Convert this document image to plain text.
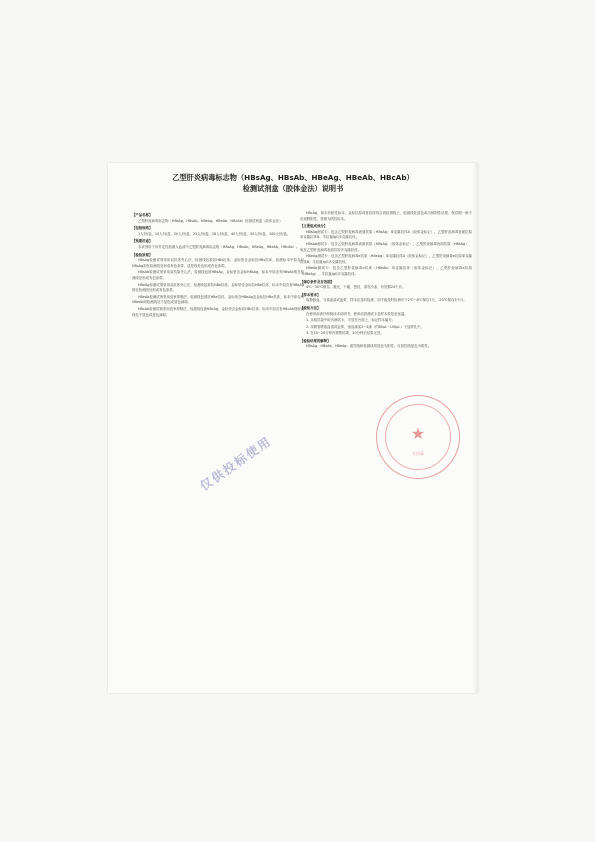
乙型肝炎病毒标志物（HBsAg、HBsAb、HBeAg、HBeAb、HBcAb）
检测试剂盒（胶体金法）说明书
【产品名称】
乙型肝炎病毒标志物（HBsAg、HBsAb、HBeAg、HBeAb、HBcAb）检测试剂盒（胶体金法）
【包装规格】
1人份/袋、10人份/盒、20人份/盒、25人份/盒、28人份/盒、40人份/盒、50人份/盒、100人份/盒。
【预期用途】
本试剂用于体外定性检测人血清中乙型肝炎病毒标志物（HBsAg、HBsAb、HBeAg、HBeAb、HBcAb）。
【检验原理】
HBsAg检测试剂采用双抗体夹心法，检测线包被抗HBs抗体，金标垫含金标抗HBs抗体，检测标本中如含有HBsAg则在检测线处形成有色条带，质控线处也形成有色条带。
HBsAb检测试剂采用双抗原夹心法，检测线包被HBsAg，金标垫含金标HBsAg，标本中如含有HBsAb则在检测线处形成有色条带。
HBeAg检测试剂采用双抗体夹心法，检测线包被抗HBe抗体，金标垫含金标抗HBe抗体，标本中如含有HBeAg则在检测线处形成有色条带。
HBeAb检测试剂采用竞争抑制法，检测线包被抗HBe抗体，金标垫含HBeAg及金标抗HBe抗体，标本中如含有HBeAb则检测线处不显色或显色减弱。
HBcAb检测试剂采用竞争抑制法，检测线包被HBcAg，金标垫含金标抗HBc抗体，标本中如含有HBcAb则检测线处不显色或显色减弱。
HBcAg，如未有阳性标本，金标抗原或者抗体结合到检测线上，检测线处显色或出现阴性结果，保存期一般不出现假阳性，按照为阴性标本。
【主要组成成分】
HBsAg测试卡：包含乙型肝炎病毒表面抗原（HBsAg）单克隆抗体A（胶体金标记）、乙型肝炎病毒表面抗原单克隆抗体B、羊抗鼠IgG多克隆抗体。
HBsAb测试卡：包含乙型肝炎病毒表面抗原（HBsAg）（胶体金标记）、乙型肝炎病毒表面抗原（HBsAg）、兔抗乙型肝炎病毒表面抗原多克隆抗体。
HBeAg测试卡：包含乙型肝炎病毒e抗原（HBeAg）单克隆抗体A（胶体金标记）、乙型肝炎病毒e抗原单克隆抗体B、羊抗鼠IgG多克隆抗体。
HBeAb测试卡：包含乙型肝炎病毒e抗体（HBeAb）单克隆抗体（胶体金标记）、乙型肝炎病毒e抗原（HBeAg）、羊抗鼠IgG多克隆抗体。
【储存条件及有效期】
4℃~30℃保存，避光，干燥，密封，请勿冷冻，有效期24个月。
【样本要求】
取静脉血，分离血清或血浆，样本应及时检测，如不能及时检测可于2℃~8℃保存7天，-20℃保存3个月。
【检验方法】
在使用前请仔细阅读本说明书，使用前将测试卡及样本恢复至室温。
1. 从铝箔袋中取出测试卡，平放在台面上，标记样本编号。
2. 用吸管吸取血清或血浆，垂直滴加2~3滴（约80μL~100μL）于加样孔中。
3. 在15~20分钟内观察结果，20分钟后结果无效。
【检验结果的解释】
HBsAg、HBsAb、HBeAg：质控线和检测线均显色为阳性；仅质控线显色为阴性。
仅供投标使用
★
专用章
